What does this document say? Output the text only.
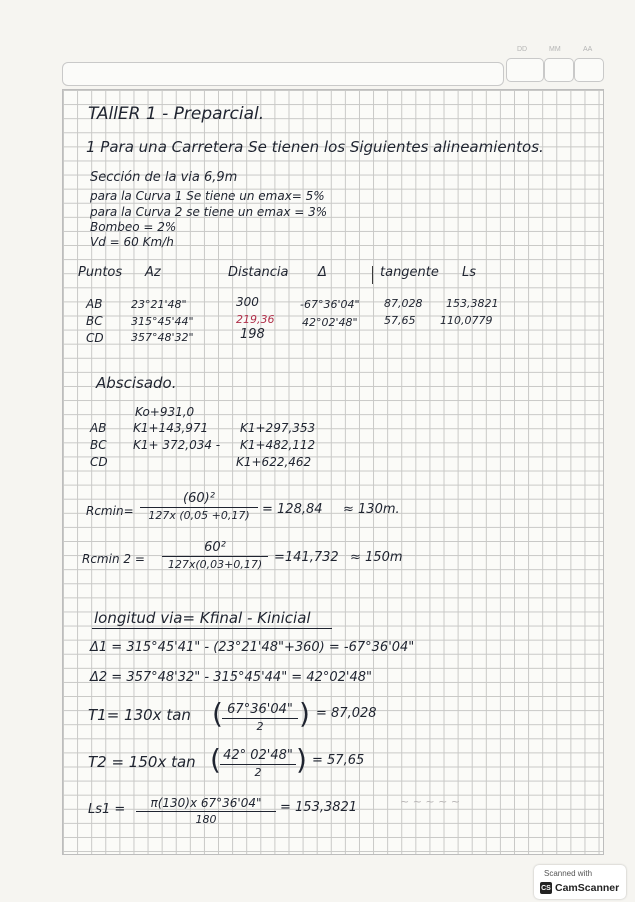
DD	MM	AA
~ ~ ~ ~ ~
TAllER 1 - Preparcial.
1 Para una Carretera Se tienen los Siguientes alineamientos.
Sección de la via 6,9m
para la Curva 1 Se tiene un emax= 5%
para la Curva 2 se tiene un emax = 3%
Bombeo = 2%
Vd = 60 Km/h
Puntos Az	Distancia Δ	tangente Ls
AB	23°21'48"	300	-67°36'04" 87,028 153,3821
BC	315°45'44"	219,36	42°02'48" 57,65 110,0779
CD 357°48'32"	198
Abscisado.
Ko+931,0
AB K1+143,971	K1+297,353
BC K1+ 372,034 - K1+482,112
CD	K1+622,462
Rcmin=
(60)²
127x (0,05 +0,17) = 128,84 ≈ 130m.
Rcmin 2 =
60²
127x(0,03+0,17) =141,732 ≈ 150m
longitud via= Kfinal - Kinicial
Δ1 = 315°45'41" - (23°21'48"+360) = -67°36'04"
Δ2 = 357°48'32" - 315°45'44" = 42°02'48"
T1= 130x tan ( 67°36'04"
2 ) = 87,028
T2 = 150x tan ( 42° 02'48"
2 ) = 57,65
Ls1 = π(130)x 67°36'04"
180
= 153,3821
Scanned with
CS CamScanner
